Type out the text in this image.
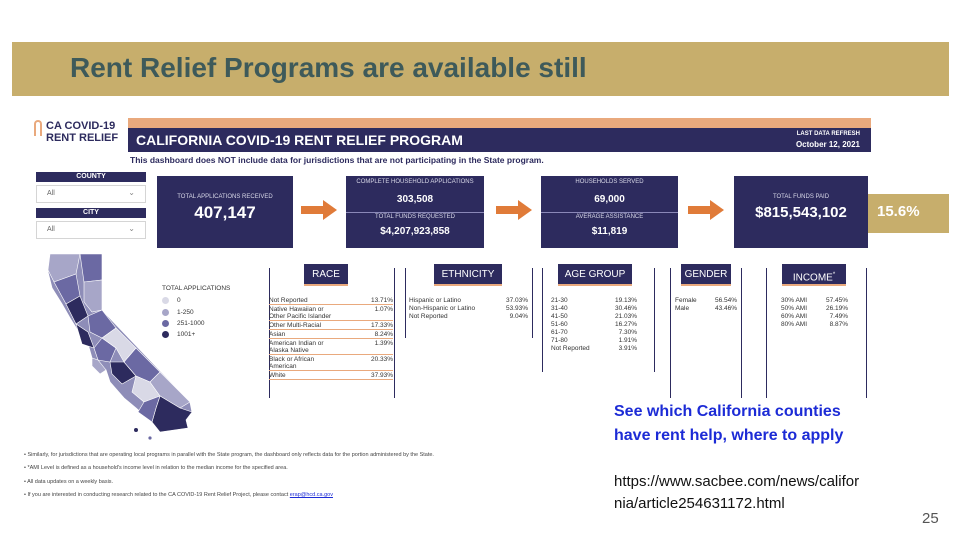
Rent Relief Programs are available still
CA COVID-19
RENT RELIEF CALIFORNIA COVID-19 RENT RELIEF PROGRAM	LAST DATA REFRESH
October 12, 2021
This dashboard does NOT include data for jurisdictions that are not participating in the State program.
COUNTY
All	⌄
CITY
All	⌄
TOTAL APPLICATIONS RECEIVED
407,147
COMPLETE HOUSEHOLD APPLICATIONS
303,508
TOTAL FUNDS REQUESTED
$4,207,923,858
HOUSEHOLDS SERVED
69,000
AVERAGE ASSISTANCE
$11,819
TOTAL FUNDS PAID
$815,543,102	15.6%
TOTAL APPLICATIONS
0
1-250
251-1000
1001+
RACE
Not Reported	13.71%

Native Hawaiian or
Other Pacific Islander	1.07%
Other Multi-Racial	17.33%
Asian	8.24%

American Indian or
Alaska Native	1.39%

Black or African
American	20.33%
White	37.93%
ETHNICITY
Hispanic or Latino	37.03%
Non-Hispanic or Latino	53.93%
Not Reported	9.04%
AGE GROUP
21-30	19.13%
31-40	30.46%
41-50	21.03%
51-60	16.27%
61-70	7.30%
71-80	1.91%
Not Reported	3.91%
GENDER
Female	56.54%
Male	43.46%
INCOME*
30% AMI	57.45%
50% AMI	26.19%
60% AMI	7.49%
80% AMI	8.87%
• Similarly, for jurisdictions that are operating local programs in parallel with the State program, the dashboard only reflects data for the portion administered by the State.
• *AMI Level is defined as a household's income level in relation to the median income for the specified area.
• All data updates on a weekly basis.
• If you are interested in conducting research related to the CA COVID-19 Rent Relief Project, please contact erap@hcd.ca.gov
See which California counties
have rent help, where to apply
https://www.sacbee.com/news/califor
nia/article254631172.html
25
